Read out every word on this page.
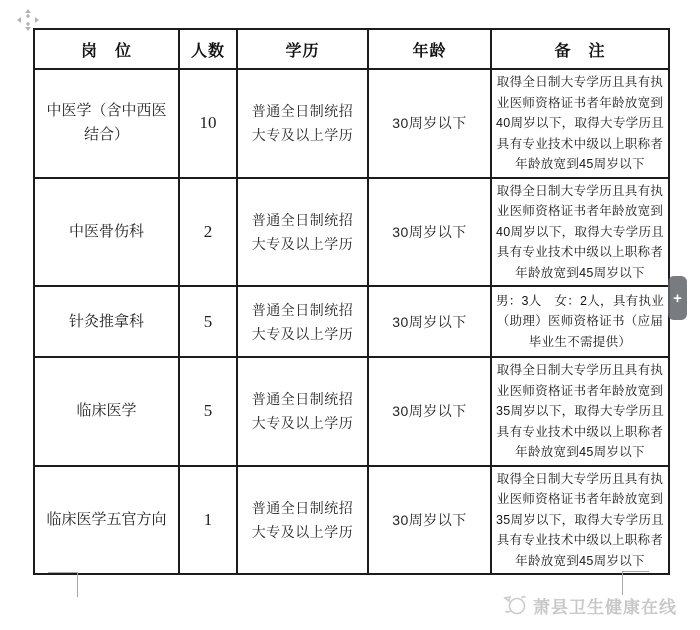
岗　位	人数	学历	年龄	备　注
中医学（含中西医结合）	10	普通全日制统招大专及以上学历	30周岁以下	取得全日制大专学历且具有执业医师资格证书者年龄放宽到40周岁以下，取得大专学历且具有专业技术中级以上职称者年龄放宽到45周岁以下
中医骨伤科	2	普通全日制统招大专及以上学历	30周岁以下	取得全日制大专学历且具有执业医师资格证书者年龄放宽到40周岁以下，取得大专学历且具有专业技术中级以上职称者年龄放宽到45周岁以下
针灸推拿科	5	普通全日制统招大专及以上学历	30周岁以下	男：3人　女：2人，具有执业（助理）医师资格证书（应届毕业生不需提供）
临床医学	5	普通全日制统招大专及以上学历	30周岁以下	取得全日制大专学历且具有执业医师资格证书者年龄放宽到35周岁以下，取得大专学历且具有专业技术中级以上职称者年龄放宽到45周岁以下
临床医学五官方向	1	普通全日制统招大专及以上学历	30周岁以下	取得全日制大专学历且具有执业医师资格证书者年龄放宽到35周岁以下，取得大专学历且具有专业技术中级以上职称者年龄放宽到45周岁以下
+
萧县卫生健康在线
